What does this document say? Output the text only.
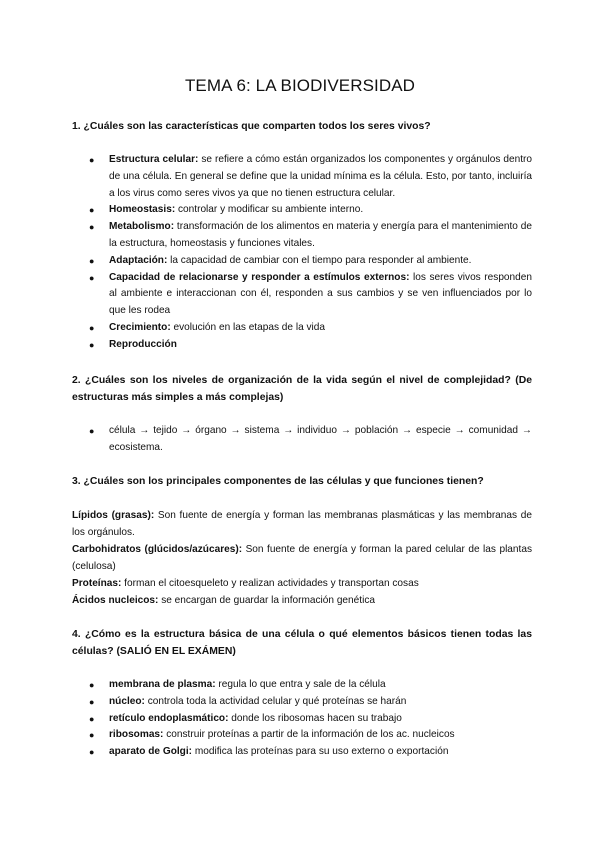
TEMA 6: LA BIODIVERSIDAD
1. ¿Cuáles son las características que comparten todos los seres vivos?
● Estructura celular: se refiere a cómo están organizados los componentes y orgánulos dentro de una célula. En general se define que la unidad mínima es la célula. Esto, por tanto, incluiría a los virus como seres vivos ya que no tienen estructura celular.
● Homeostasis: controlar y modificar su ambiente interno.
● Metabolismo: transformación de los alimentos en materia y energía para el mantenimiento de la estructura, homeostasis y funciones vitales.
● Adaptación: la capacidad de cambiar con el tiempo para responder al ambiente.
● Capacidad de relacionarse y responder a estímulos externos: los seres vivos responden al ambiente e interaccionan con él, responden a sus cambios y se ven influenciados por lo que les rodea
● Crecimiento: evolución en las etapas de la vida
● Reproducción
2. ¿Cuáles son los niveles de organización de la vida según el nivel de complejidad? (De estructuras más simples a más complejas)
● célula → tejido → órgano → sistema → individuo → población → especie → comunidad → ecosistema.
3. ¿Cuáles son los principales componentes de las células y que funciones tienen?

Lípidos (grasas): Son fuente de energía y forman las membranas plasmáticas y las membranas de los orgánulos.

Carbohidratos (glúcidos/azúcares): Son fuente de energía y forman la pared celular de las plantas (celulosa)

Proteínas: forman el citoesqueleto y realizan actividades y transportan cosas

Ácidos nucleicos: se encargan de guardar la información genética

4. ¿Cómo es la estructura básica de una célula o qué elementos básicos tienen todas las células? (SALIÓ EN EL EXÁMEN)
● membrana de plasma: regula lo que entra y sale de la célula
● núcleo: controla toda la actividad celular y qué proteínas se harán
● retículo endoplasmático: donde los ribosomas hacen su trabajo
● ribosomas: construir proteínas a partir de la información de los ac. nucleicos
● aparato de Golgi: modifica las proteínas para su uso externo o exportación
